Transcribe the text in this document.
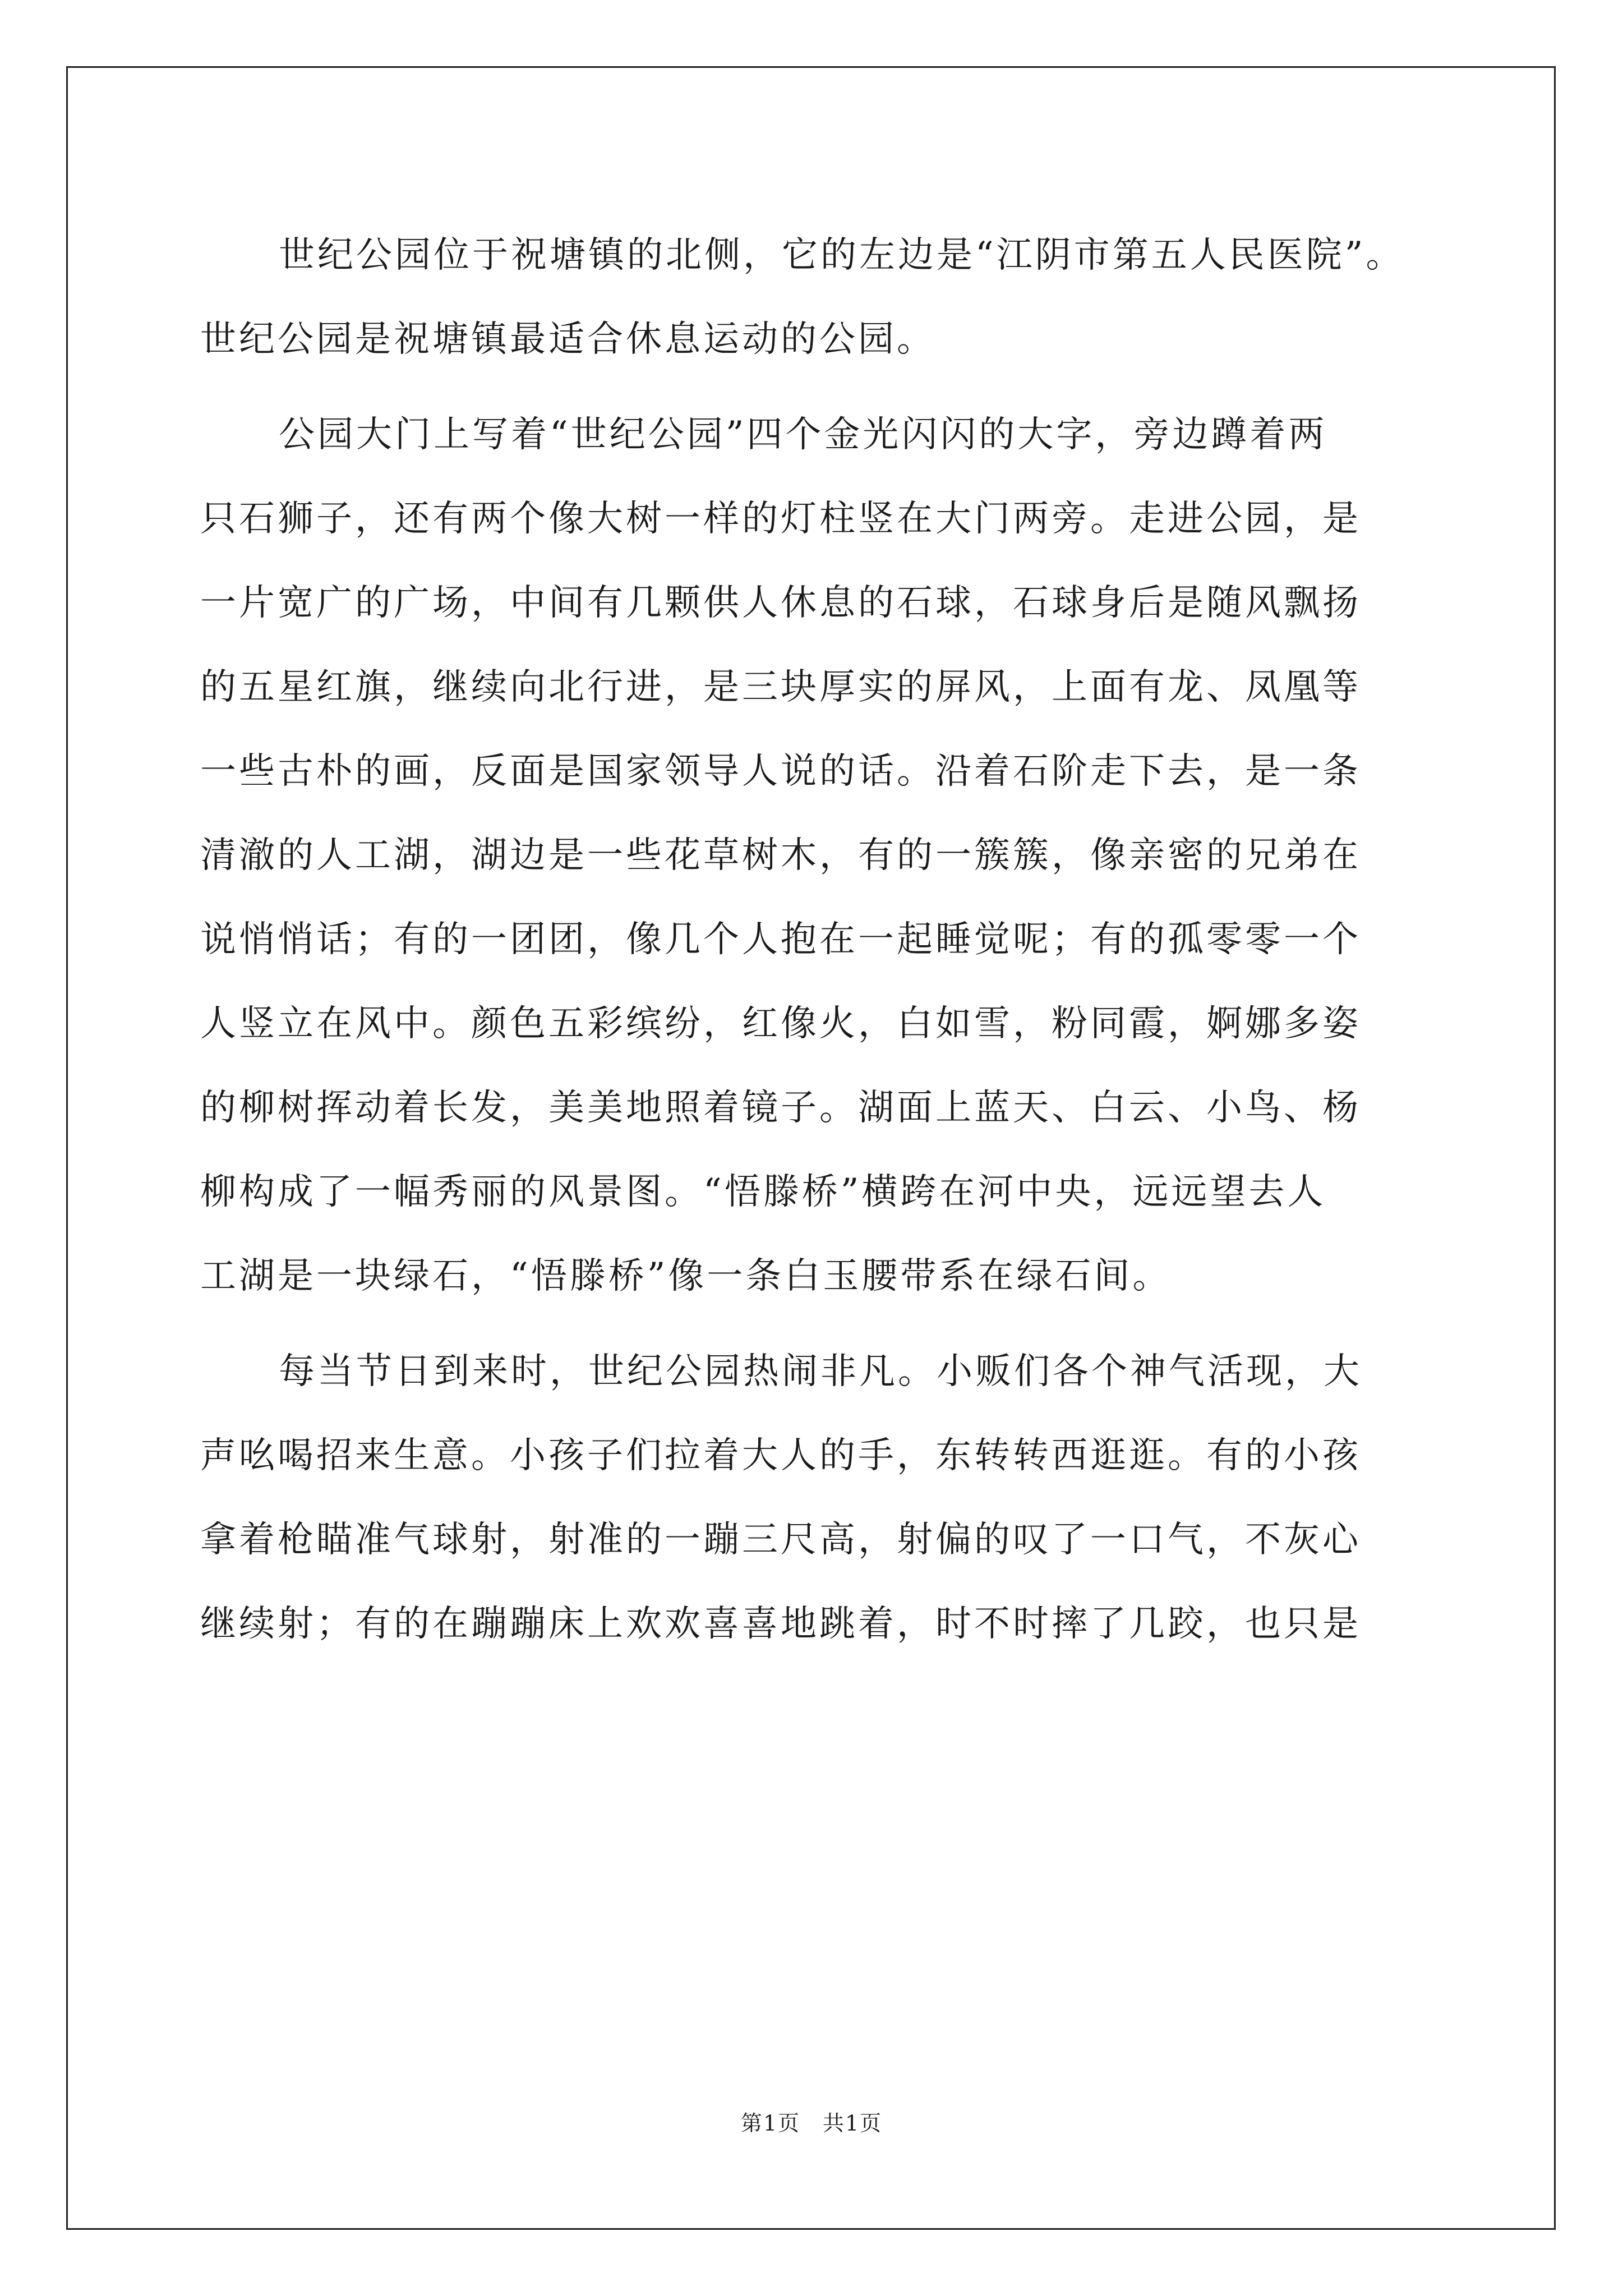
世纪公园位于祝塘镇的北侧，它的左边是“江阴市第五人民医院”。
世纪公园是祝塘镇最适合休息运动的公园。
公园大门上写着“世纪公园”四个金光闪闪的大字，旁边蹲着两
只石狮子，还有两个像大树一样的灯柱竖在大门两旁。走进公园，是
一片宽广的广场，中间有几颗供人休息的石球，石球身后是随风飘扬
的五星红旗，继续向北行进，是三块厚实的屏风，上面有龙、凤凰等
一些古朴的画，反面是国家领导人说的话。沿着石阶走下去，是一条
清澈的人工湖，湖边是一些花草树木，有的一簇簇，像亲密的兄弟在
说悄悄话；有的一团团，像几个人抱在一起睡觉呢；有的孤零零一个
人竖立在风中。颜色五彩缤纷，红像火，白如雪，粉同霞，婀娜多姿
的柳树挥动着长发，美美地照着镜子。湖面上蓝天、白云、小鸟、杨
柳构成了一幅秀丽的风景图。“悟滕桥”横跨在河中央，远远望去人
工湖是一块绿石，“悟滕桥”像一条白玉腰带系在绿石间。
每当节日到来时，世纪公园热闹非凡。小贩们各个神气活现，大
声吆喝招来生意。小孩子们拉着大人的手，东转转西逛逛。有的小孩
拿着枪瞄准气球射，射准的一蹦三尺高，射偏的叹了一口气，不灰心
继续射；有的在蹦蹦床上欢欢喜喜地跳着，时不时摔了几跤，也只是
第1页　共1页
